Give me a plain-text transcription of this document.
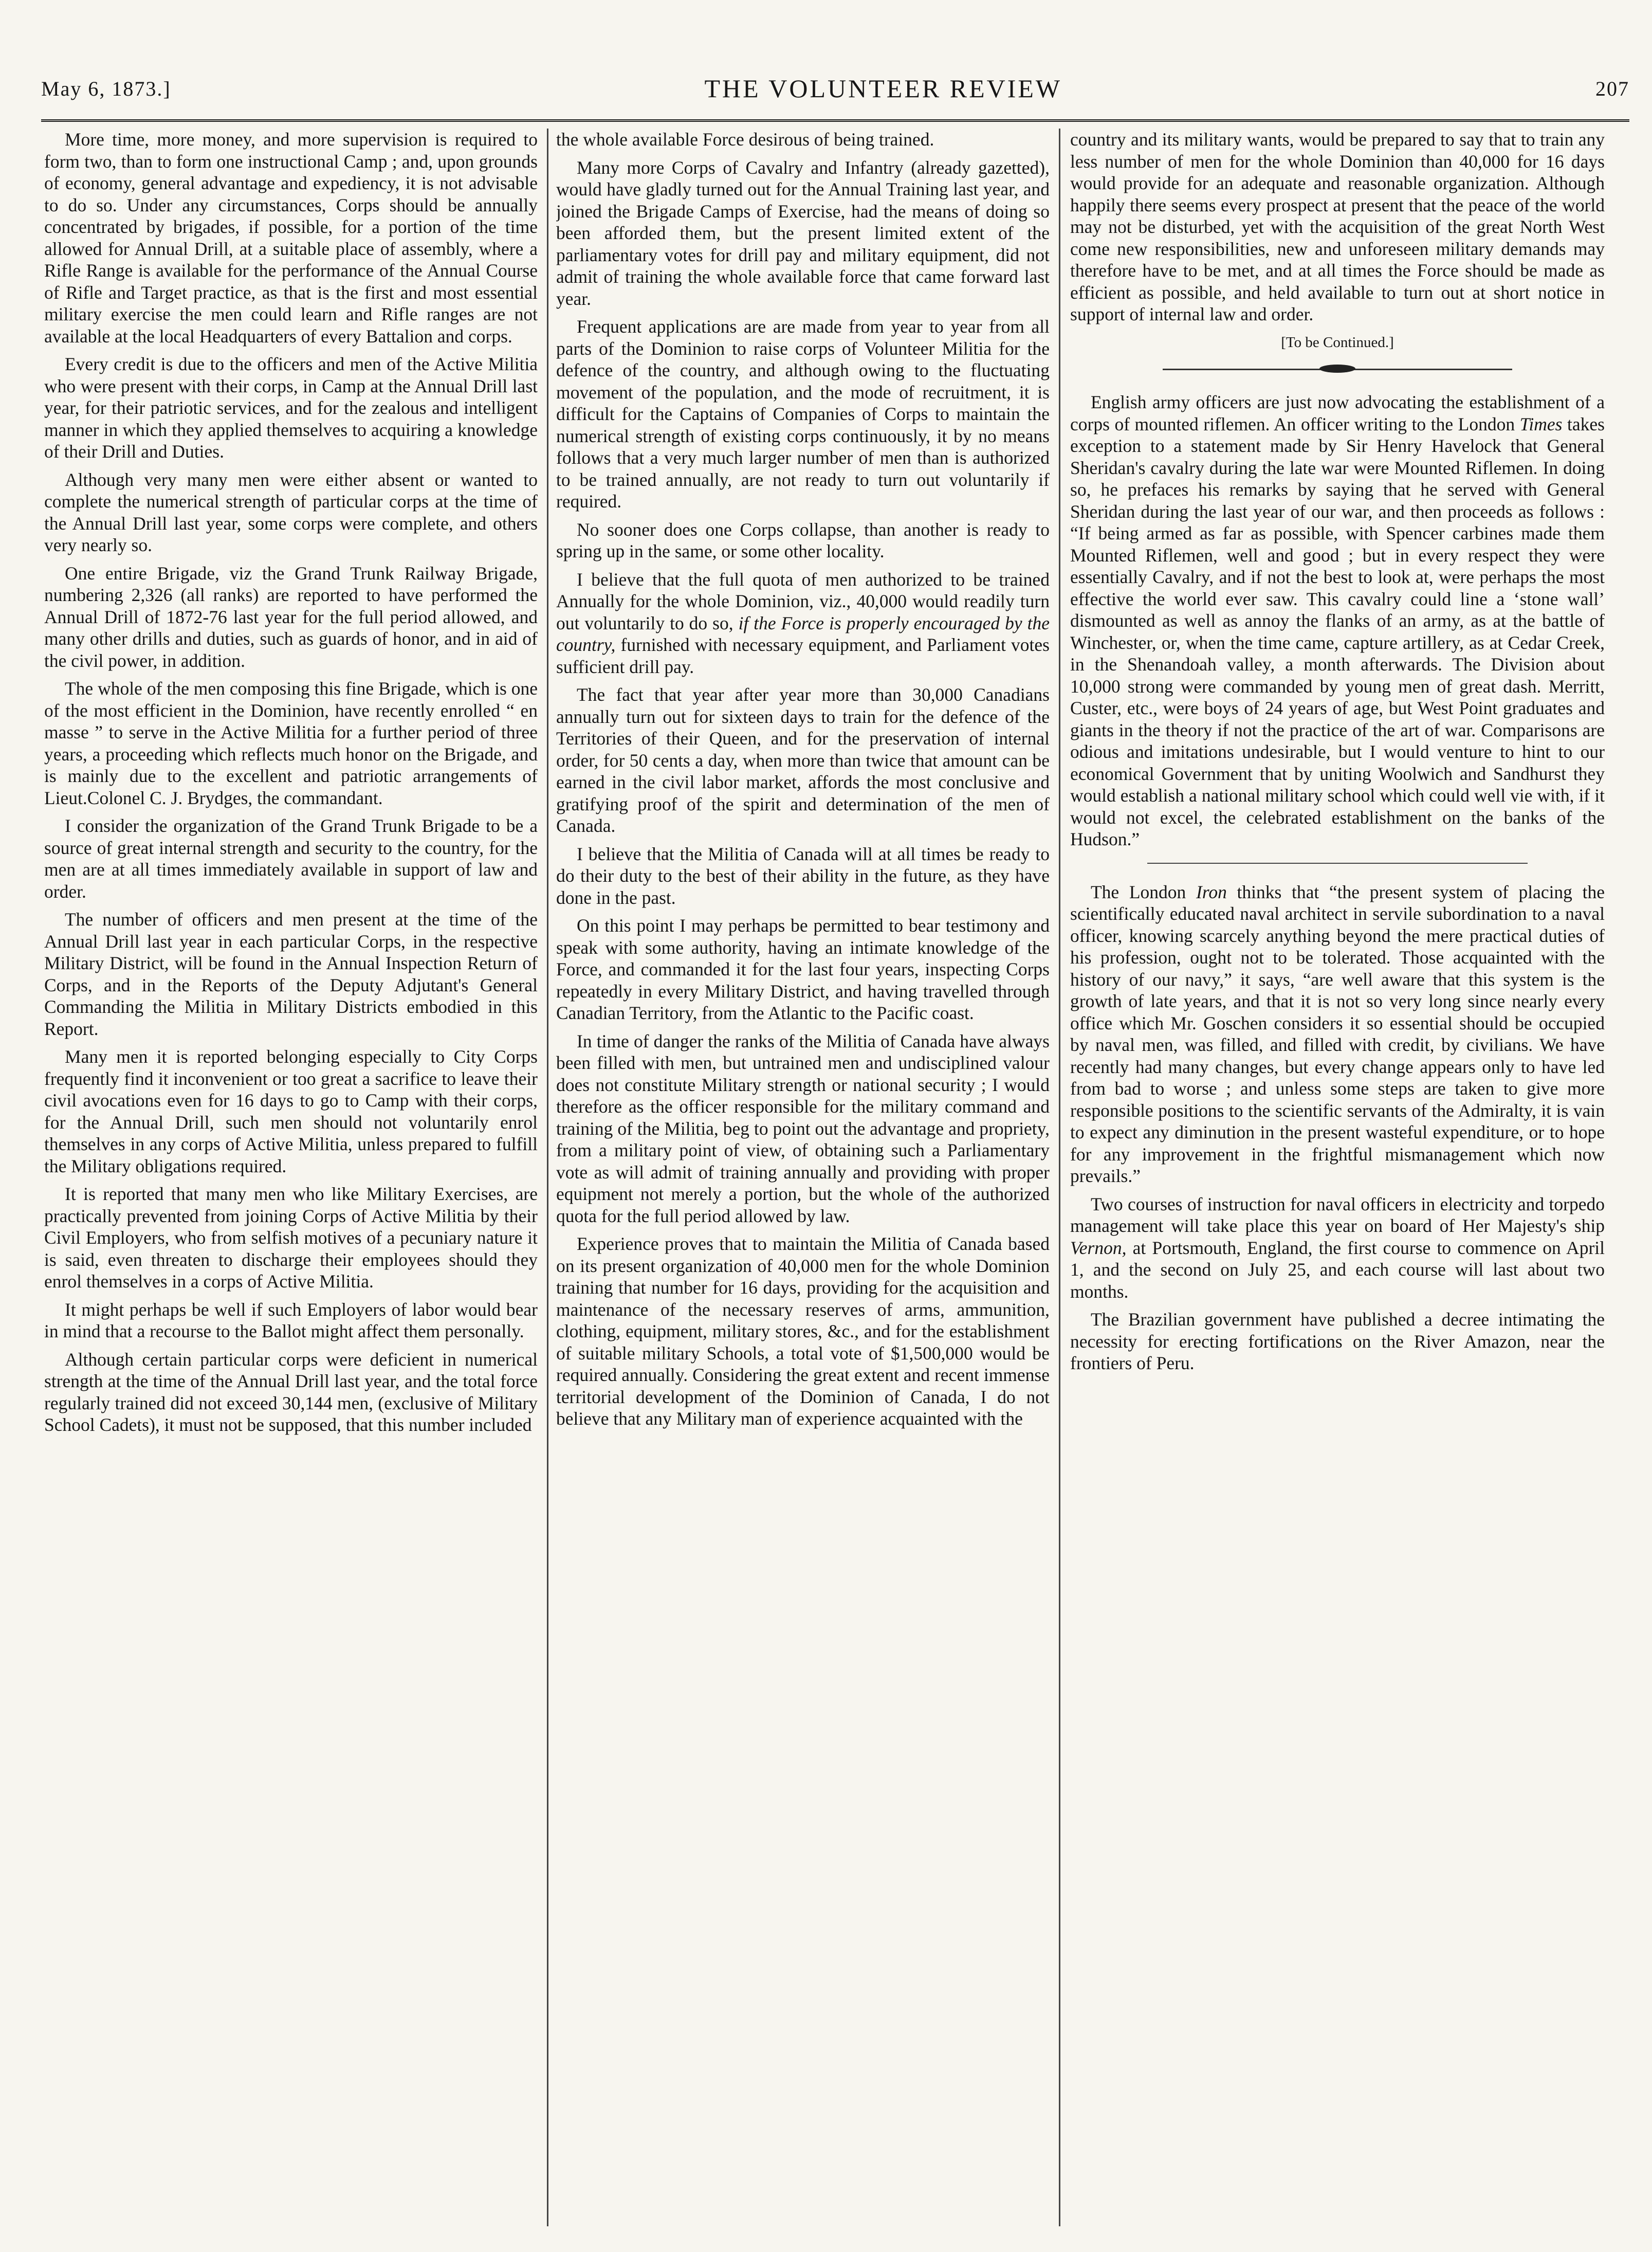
May 6, 1873.]	THE VOLUNTEER REVIEW	207

More time, more money, and more supervision is required to form two, than to form one instructional Camp ; and, upon grounds of economy, general advantage and expediency, it is not advisable to do so. Under any circumstances, Corps should be annually concentrated by brigades, if possible, for a portion of the time allowed for Annual Drill, at a suitable place of assembly, where a Rifle Range is available for the performance of the Annual Course of Rifle and Target practice, as that is the first and most essential military exercise the men could learn and Rifle ranges are not available at the local Headquarters of every Battalion and corps.

Every credit is due to the officers and men of the Active Militia who were present with their corps, in Camp at the Annual Drill last year, for their patriotic services, and for the zealous and intelligent manner in which they applied themselves to acquiring a knowledge of their Drill and Duties.

Although very many men were either absent or wanted to complete the numerical strength of particular corps at the time of the Annual Drill last year, some corps were complete, and others very nearly so.

One entire Brigade, viz the Grand Trunk Railway Brigade, numbering 2,326 (all ranks) are reported to have performed the Annual Drill of 1872-76 last year for the full period allowed, and many other drills and duties, such as guards of honor, and in aid of the civil power, in addition.

The whole of the men composing this fine Brigade, which is one of the most efficient in the Dominion, have recently enrolled “ en masse ” to serve in the Active Militia for a further period of three years, a proceeding which reflects much honor on the Brigade, and is mainly due to the excellent and patriotic arrangements of Lieut.Colonel C. J. Brydges, the commandant.

I consider the organization of the Grand Trunk Brigade to be a source of great internal strength and security to the country, for the men are at all times immediately available in support of law and order.

The number of officers and men present at the time of the Annual Drill last year in each particular Corps, in the respective Military District, will be found in the Annual Inspection Return of Corps, and in the Reports of the Deputy Adjutant's General Commanding the Militia in Military Districts embodied in this Report.

Many men it is reported belonging especially to City Corps frequently find it inconvenient or too great a sacrifice to leave their civil avocations even for 16 days to go to Camp with their corps, for the Annual Drill, such men should not voluntarily enrol themselves in any corps of Active Militia, unless prepared to fulfill the Military obligations required.

It is reported that many men who like Military Exercises, are practically prevented from joining Corps of Active Militia by their Civil Employers, who from selfish motives of a pecuniary nature it is said, even threaten to discharge their employees should they enrol themselves in a corps of Active Militia.

It might perhaps be well if such Employers of labor would bear in mind that a recourse to the Ballot might affect them personally.

Although certain particular corps were deficient in numerical strength at the time of the Annual Drill last year, and the total force regularly trained did not exceed 30,144 men, (exclusive of Military School Cadets), it must not be supposed, that this number included

the whole available Force desirous of being trained.

Many more Corps of Cavalry and Infantry (already gazetted), would have gladly turned out for the Annual Training last year, and joined the Brigade Camps of Exercise, had the means of doing so been afforded them, but the present limited extent of the parliamentary votes for drill pay and military equipment, did not admit of training the whole available force that came forward last year.

Frequent applications are are made from year to year from all parts of the Dominion to raise corps of Volunteer Militia for the defence of the country, and although owing to the fluctuating movement of the population, and the mode of recruitment, it is difficult for the Captains of Companies of Corps to maintain the numerical strength of existing corps continuously, it by no means follows that a very much larger number of men than is authorized to be trained annually, are not ready to turn out voluntarily if required.

No sooner does one Corps collapse, than another is ready to spring up in the same, or some other locality.

I believe that the full quota of men authorized to be trained Annually for the whole Dominion, viz., 40,000 would readily turn out voluntarily to do so, if the Force is properly encouraged by the country, furnished with necessary equipment, and Parliament votes sufficient drill pay.

The fact that year after year more than 30,000 Canadians annually turn out for sixteen days to train for the defence of the Territories of their Queen, and for the preservation of internal order, for 50 cents a day, when more than twice that amount can be earned in the civil labor market, affords the most conclusive and gratifying proof of the spirit and determination of the men of Canada.

I believe that the Militia of Canada will at all times be ready to do their duty to the best of their ability in the future, as they have done in the past.

On this point I may perhaps be permitted to bear testimony and speak with some authority, having an intimate knowledge of the Force, and commanded it for the last four years, inspecting Corps repeatedly in every Military District, and having travelled through Canadian Territory, from the Atlantic to the Pacific coast.

In time of danger the ranks of the Militia of Canada have always been filled with men, but untrained men and undisciplined valour does not constitute Military strength or national security ; I would therefore as the officer responsible for the military command and training of the Militia, beg to point out the advantage and propriety, from a military point of view, of obtaining such a Parliamentary vote as will admit of training annually and providing with proper equipment not merely a portion, but the whole of the authorized quota for the full period allowed by law.

Experience proves that to maintain the Militia of Canada based on its present organization of 40,000 men for the whole Dominion training that number for 16 days, providing for the acquisition and maintenance of the necessary reserves of arms, ammunition, clothing, equipment, military stores, &c., and for the establishment of suitable military Schools, a total vote of $1,500,000 would be required annually. Considering the great extent and recent immense territorial development of the Dominion of Canada, I do not believe that any Military man of experience acquainted with the

country and its military wants, would be prepared to say that to train any less number of men for the whole Dominion than 40,000 for 16 days would provide for an adequate and reasonable organization. Although happily there seems every prospect at present that the peace of the world may not be disturbed, yet with the acquisition of the great North West come new responsibilities, new and unforeseen military demands may therefore have to be met, and at all times the Force should be made as efficient as possible, and held available to turn out at short notice in support of internal law and order.

[To be Continued.]

English army officers are just now advocating the establishment of a corps of mounted riflemen. An officer writing to the London Times takes exception to a statement made by Sir Henry Havelock that General Sheridan's cavalry during the late war were Mounted Riflemen. In doing so, he prefaces his remarks by saying that he served with General Sheridan during the last year of our war, and then proceeds as follows : “If being armed as far as possible, with Spencer carbines made them Mounted Riflemen, well and good ; but in every respect they were essentially Cavalry, and if not the best to look at, were perhaps the most effective the world ever saw. This cavalry could line a ‘stone wall’ dismounted as well as annoy the flanks of an army, as at the battle of Winchester, or, when the time came, capture artillery, as at Cedar Creek, in the Shenandoah valley, a month afterwards. The Division about 10,000 strong were commanded by young men of great dash. Merritt, Custer, etc., were boys of 24 years of age, but West Point graduates and giants in the theory if not the practice of the art of war. Comparisons are odious and imitations undesirable, but I would venture to hint to our economical Government that by uniting Woolwich and Sandhurst they would establish a national military school which could well vie with, if it would not excel, the celebrated establishment on the banks of the Hudson.”

The London Iron thinks that “the present system of placing the scientifically educated naval architect in servile subordination to a naval officer, knowing scarcely anything beyond the mere practical duties of his profession, ought not to be tolerated. Those acquainted with the history of our navy,” it says, “are well aware that this system is the growth of late years, and that it is not so very long since nearly every office which Mr. Goschen considers it so essential should be occupied by naval men, was filled, and filled with credit, by civilians. We have recently had many changes, but every change appears only to have led from bad to worse ; and unless some steps are taken to give more responsible positions to the scientific servants of the Admiralty, it is vain to expect any diminution in the present wasteful expenditure, or to hope for any improvement in the frightful mismanagement which now prevails.”

Two courses of instruction for naval officers in electricity and torpedo management will take place this year on board of Her Majesty's ship Vernon, at Portsmouth, England, the first course to commence on April 1, and the second on July 25, and each course will last about two months.

The Brazilian government have published a decree intimating the necessity for erecting fortifications on the River Amazon, near the frontiers of Peru.
